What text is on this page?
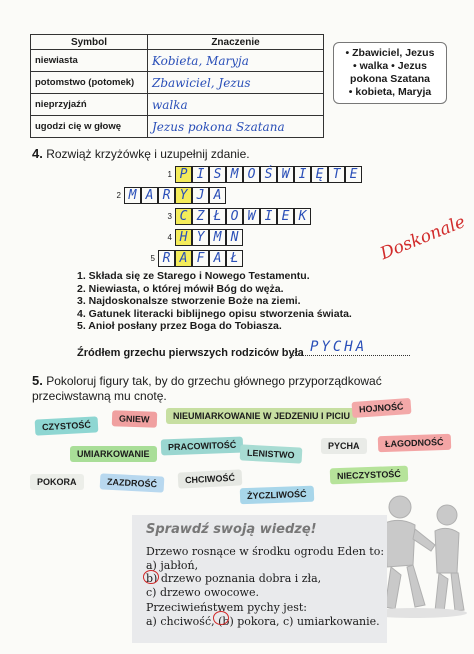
Symbol	Znaczenie
niewiasta	Kobieta, Maryja
potomstwo (potomek)	Zbawiciel, Jezus
nieprzyjaźń	walka
ugodzi cię w głowę	Jezus pokona Szatana
• Zbawiciel, Jezus
• walka • Jezus
pokona Szatana
• kobieta, Maryja
4. Rozwiąż krzyżówkę i uzupełnij zdanie.
1 P I S M O Ś W I Ę T E
2 M A R Y J A
3 C Z Ł O W I E K
4 H Y M N
5 R A F A Ł	Doskonale
1. Składa się ze Starego i Nowego Testamentu.
2. Niewiasta, o której mówił Bóg do węża.
3. Najdoskonalsze stworzenie Boże na ziemi.
4. Gatunek literacki biblijnego opisu stworzenia świata.
5. Anioł posłany przez Boga do Tobiasza.
Źródłem grzechu pierwszych rodziców była PYCHA
5. Pokoloruj figury tak, by do grzechu głównego przyporządkować przeciwstawną mu cnotę.
CZYSTOŚĆ
GNIEW	NIEUMIARKOWANIE W JEDZENIU I PICIU
HOJNOŚĆ
UMIARKOWANIE
PRACOWITOŚĆ
LENISTWO
PYCHA	ŁAGODNOŚĆ
POKORA	ZAZDROŚĆ	CHCIWOŚĆ	NIECZYSTOŚĆ
ŻYCZLIWOŚĆ
Sprawdź swoją wiedzę!

Drzewo rosnące w środku ogrodu Eden to:

a) jabłoń,

b) drzewo poznania dobra i zła,

c) drzewo owocowe.

Przeciwieństwem pychy jest:

a) chciwość, (b) pokora, c) umiarkowanie.
